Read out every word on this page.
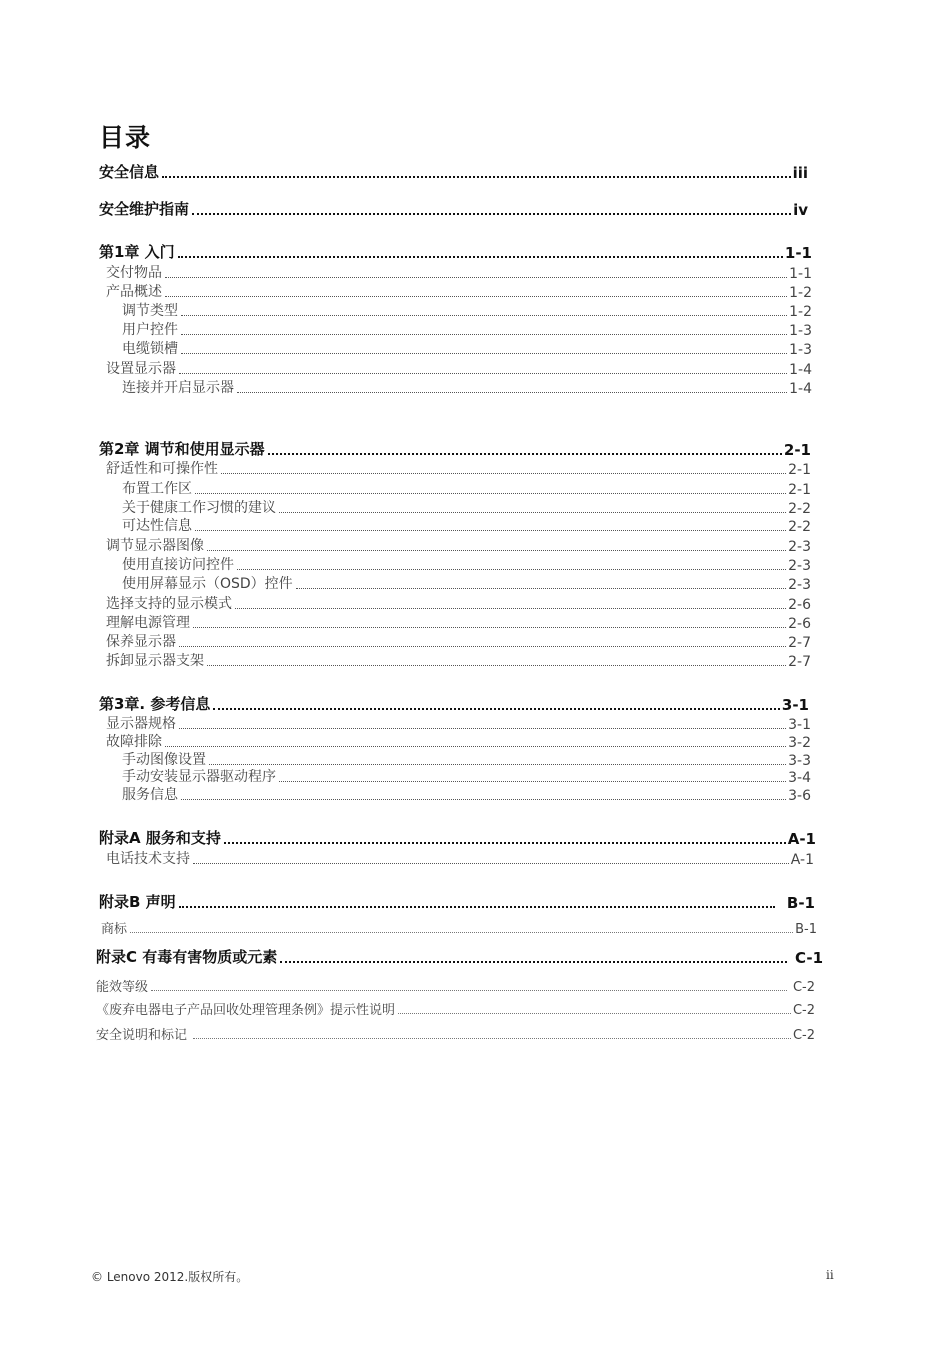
目录
安全信息	iii
安全维护指南	iv
第1章 入门	1-1
交付物品	1-1
产品概述	1-2
调节类型	1-2
用户控件	1-3
电缆锁槽	1-3
设置显示器	1-4
连接并开启显示器	1-4
第2章 调节和使用显示器	2-1
舒适性和可操作性	2-1
布置工作区	2-1
关于健康工作习惯的建议	2-2
可达性信息	2-2
调节显示器图像	2-3
使用直接访问控件	2-3
使用屏幕显示（OSD）控件	2-3
选择支持的显示模式	2-6
理解电源管理	2-6
保养显示器	2-7
拆卸显示器支架	2-7
第3章. 参考信息	3-1
显示器规格	3-1
故障排除	3-2
手动图像设置	3-3
手动安装显示器驱动程序	3-4
服务信息	3-6
附录A 服务和支持	A-1
电话技术支持	A-1
附录B 声明	B-1
商标	B-1
附录C 有毒有害物质或元素	C-1
能效等级	C-2
《废弃电器电子产品回收处理管理条例》提示性说明	C-2
安全说明和标记	C-2
© Lenovo 2012.版权所有。	ii
